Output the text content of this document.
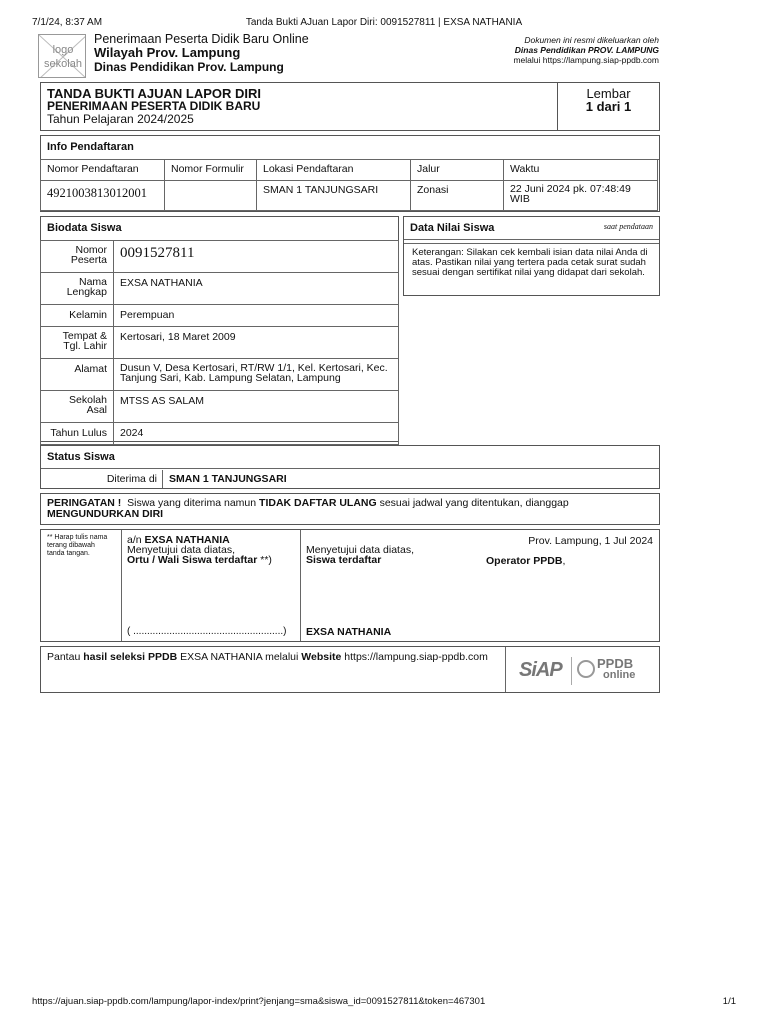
7/1/24, 8:37 AM	Tanda Bukti AJuan Lapor Diri: 0091527811 | EXSA NATHANIA
logo
sekolah
Penerimaan Peserta Didik Baru Online
Wilayah Prov. Lampung
Dinas Pendidikan Prov. Lampung
Dokumen ini resmi dikeluarkan oleh
Dinas Pendidikan PROV. LAMPUNG
melalui https://lampung.siap-ppdb.com
TANDA BUKTI AJUAN LAPOR DIRI
PENERIMAAN PESERTA DIDIK BARU
Tahun Pelajaran 2024/2025
Lembar
1 dari 1
Info Pendaftaran
Nomor Pendaftaran	Nomor Formulir	Lokasi Pendaftaran	Jalur	Waktu
4921003813012001		SMAN 1 TANJUNGSARI	Zonasi	22 Juni 2024 pk. 07:48:49 WIB
Biodata Siswa
Nomor Peserta	0091527811
Nama Lengkap	EXSA NATHANIA
Kelamin	Perempuan
Tempat & Tgl. Lahir	Kertosari, 18 Maret 2009
Alamat	Dusun V, Desa Kertosari, RT/RW 1/1, Kel. Kertosari, Kec. Tanjung Sari, Kab. Lampung Selatan, Lampung
Sekolah Asal	MTSS AS SALAM
Tahun Lulus	2024
Data Nilai Siswa	saat pendataan
Keterangan: Silakan cek kembali isian data nilai Anda di atas. Pastikan nilai yang tertera pada cetak surat sudah sesuai dengan sertifikat nilai yang didapat dari sekolah.
Status Siswa
Diterima di SMAN 1 TANJUNGSARI
PERINGATAN ! Siswa yang diterima namun TIDAK DAFTAR ULANG sesuai jadwal yang ditentukan, dianggap
MENGUNDURKAN DIRI
** Harap tulis nama terang dibawah tanda tangan.
a/n EXSA NATHANIA
Menyetujui data diatas,
Ortu / Wali Siswa terdaftar **)
( ......................................................)
Menyetujui data diatas,
Siswa terdaftar
EXSA NATHANIA
Prov. Lampung, 1 Jul 2024
Operator PPDB,
Pantau hasil seleksi PPDB EXSA NATHANIA melalui Website https://lampung.siap-ppdb.com
SiAP	PPDB
online
https://ajuan.siap-ppdb.com/lampung/lapor-index/print?jenjang=sma&siswa_id=0091527811&token=467301	1/1
